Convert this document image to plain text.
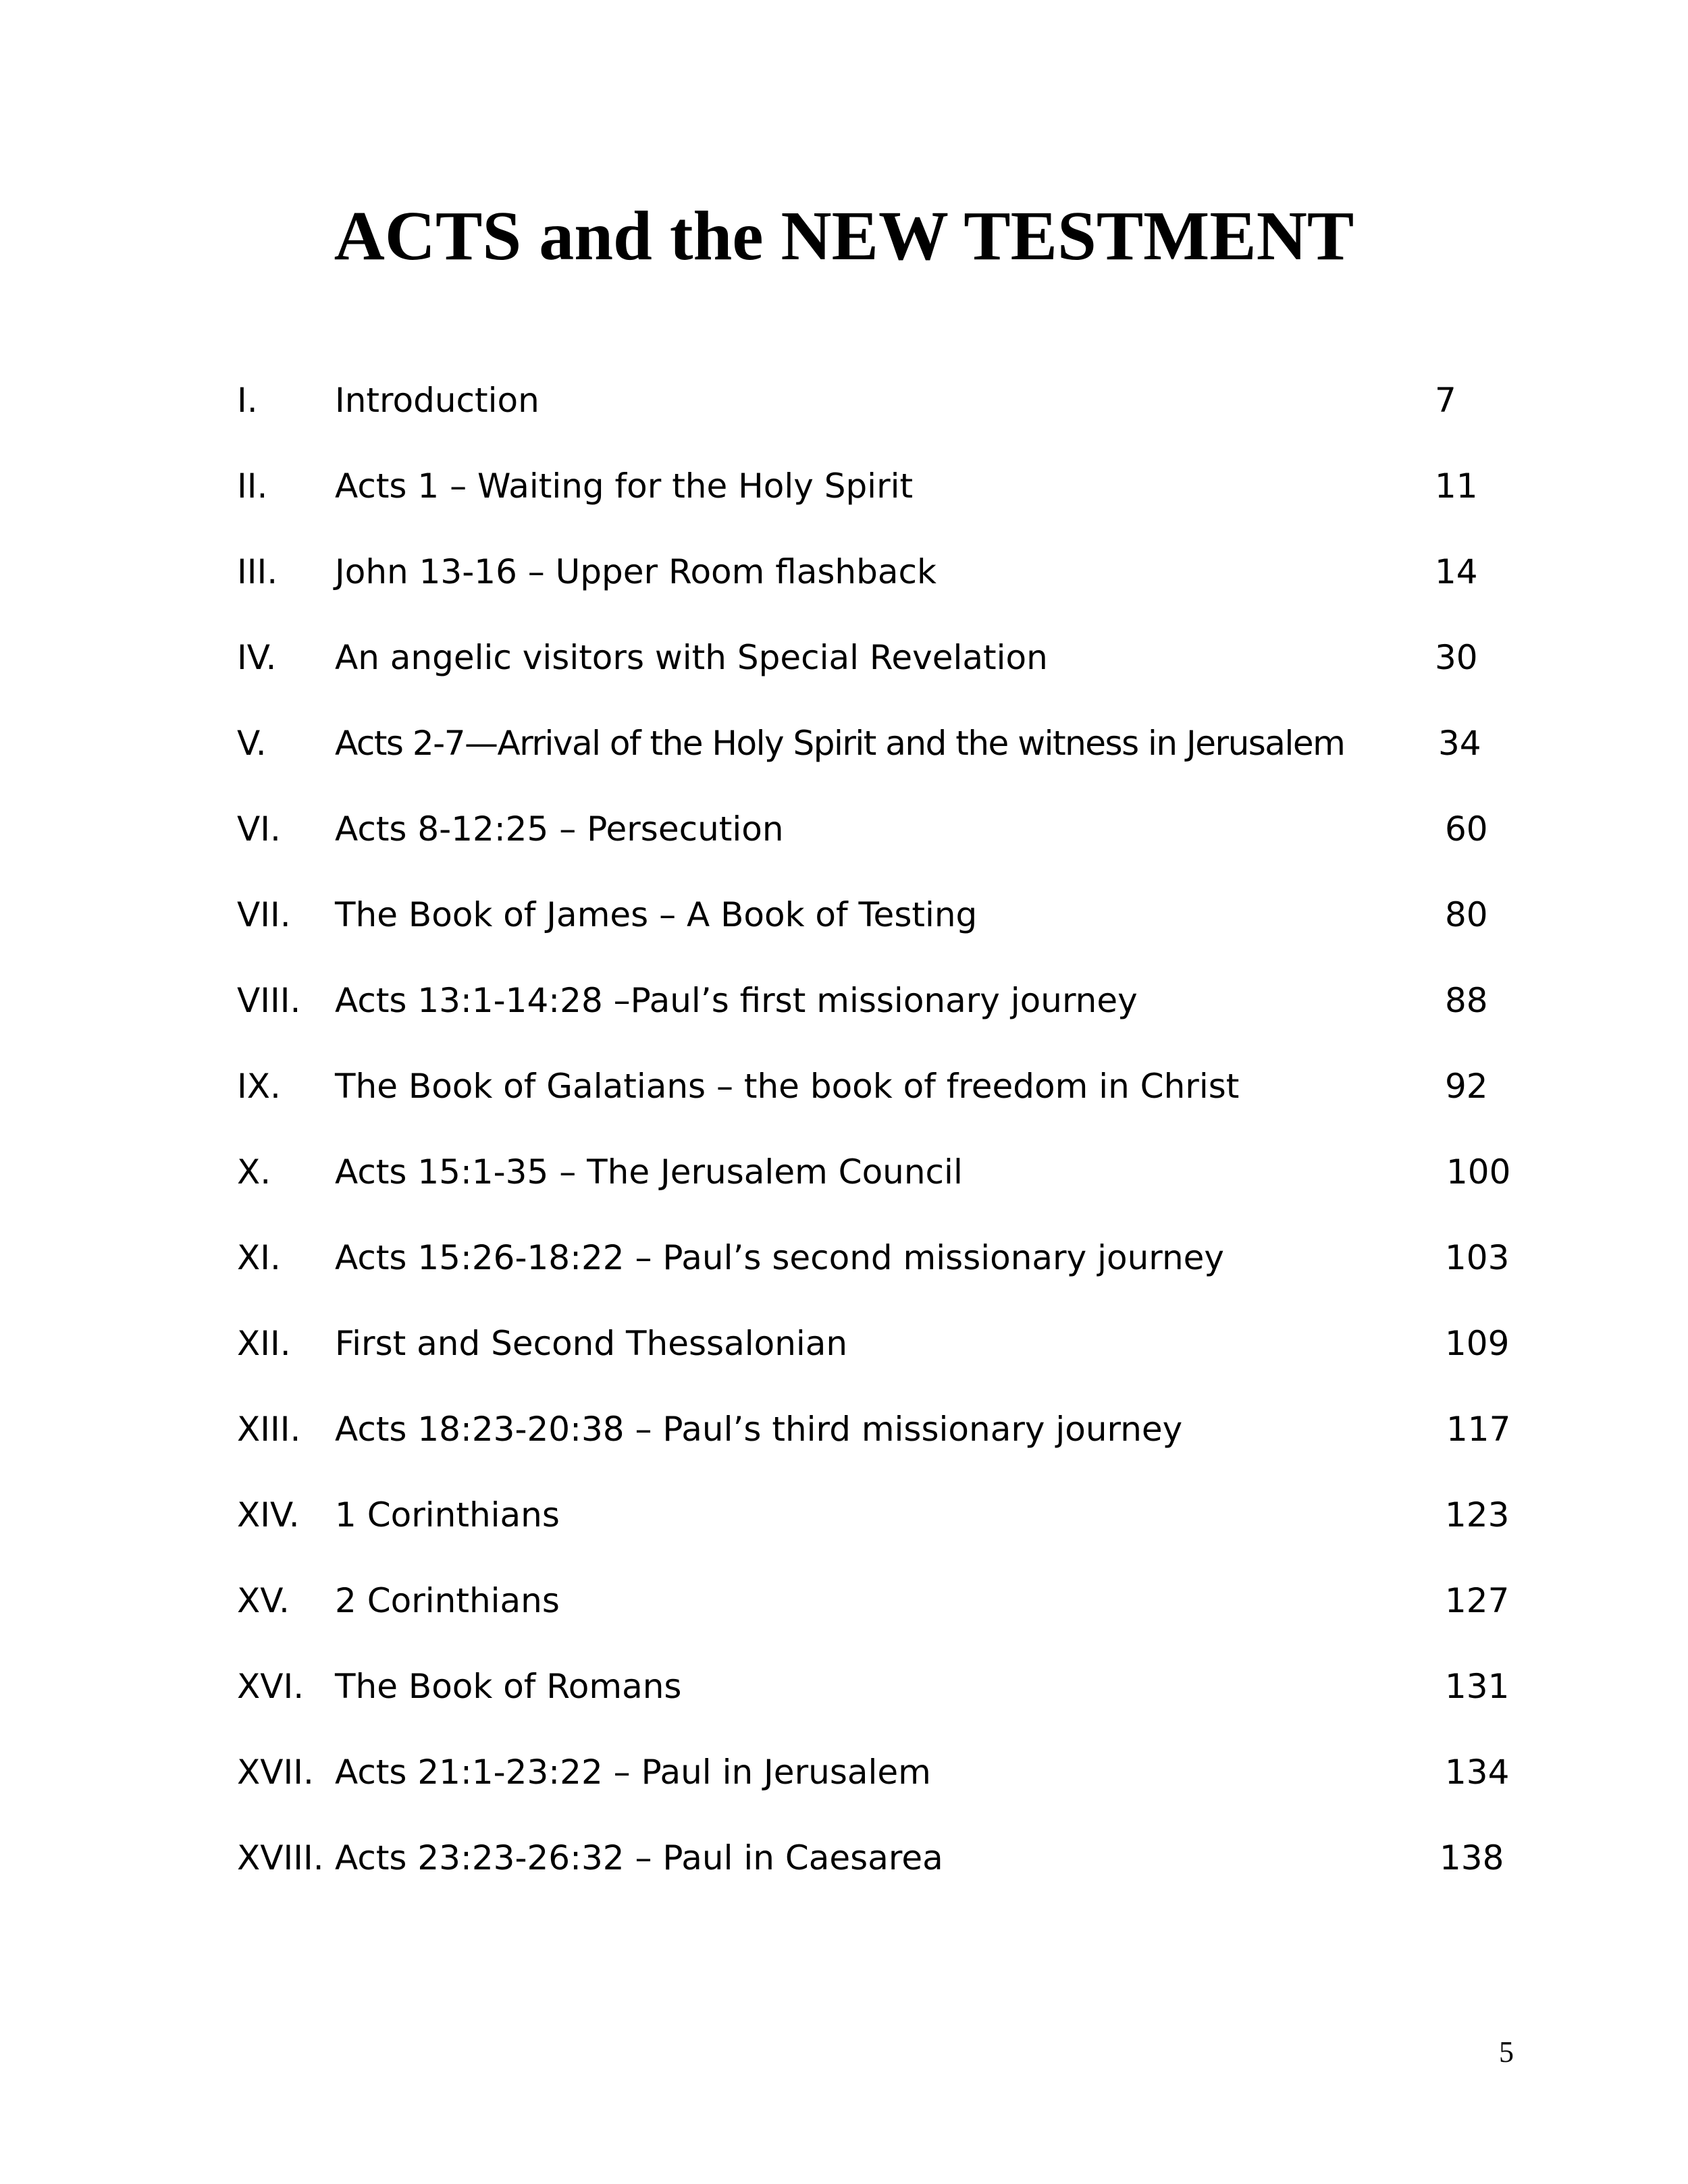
ACTS and the NEW TESTMENT
I. Introduction	7
II. Acts 1 – Waiting for the Holy Spirit	11
III. John 13-16 – Upper Room flashback	14
IV. An angelic visitors with Special Revelation	30
V. Acts 2-7—Arrival of the Holy Spirit and the witness in Jerusalem	34
VI. Acts 8-12:25 – Persecution	60
VII. The Book of James – A Book of Testing	80
VIII. Acts 13:1-14:28 –Paul’s first missionary journey	88
IX. The Book of Galatians – the book of freedom in Christ	92
X. Acts 15:1-35 – The Jerusalem Council	100
XI. Acts 15:26-18:22 – Paul’s second missionary journey	103
XII. First and Second Thessalonian	109
XIII. Acts 18:23-20:38 – Paul’s third missionary journey	117
XIV. 1 Corinthians	123
XV. 2 Corinthians	127
XVI. The Book of Romans	131
XVII. Acts 21:1-23:22 – Paul in Jerusalem	134
XVIII. Acts 23:23-26:32 – Paul in Caesarea	138
5
